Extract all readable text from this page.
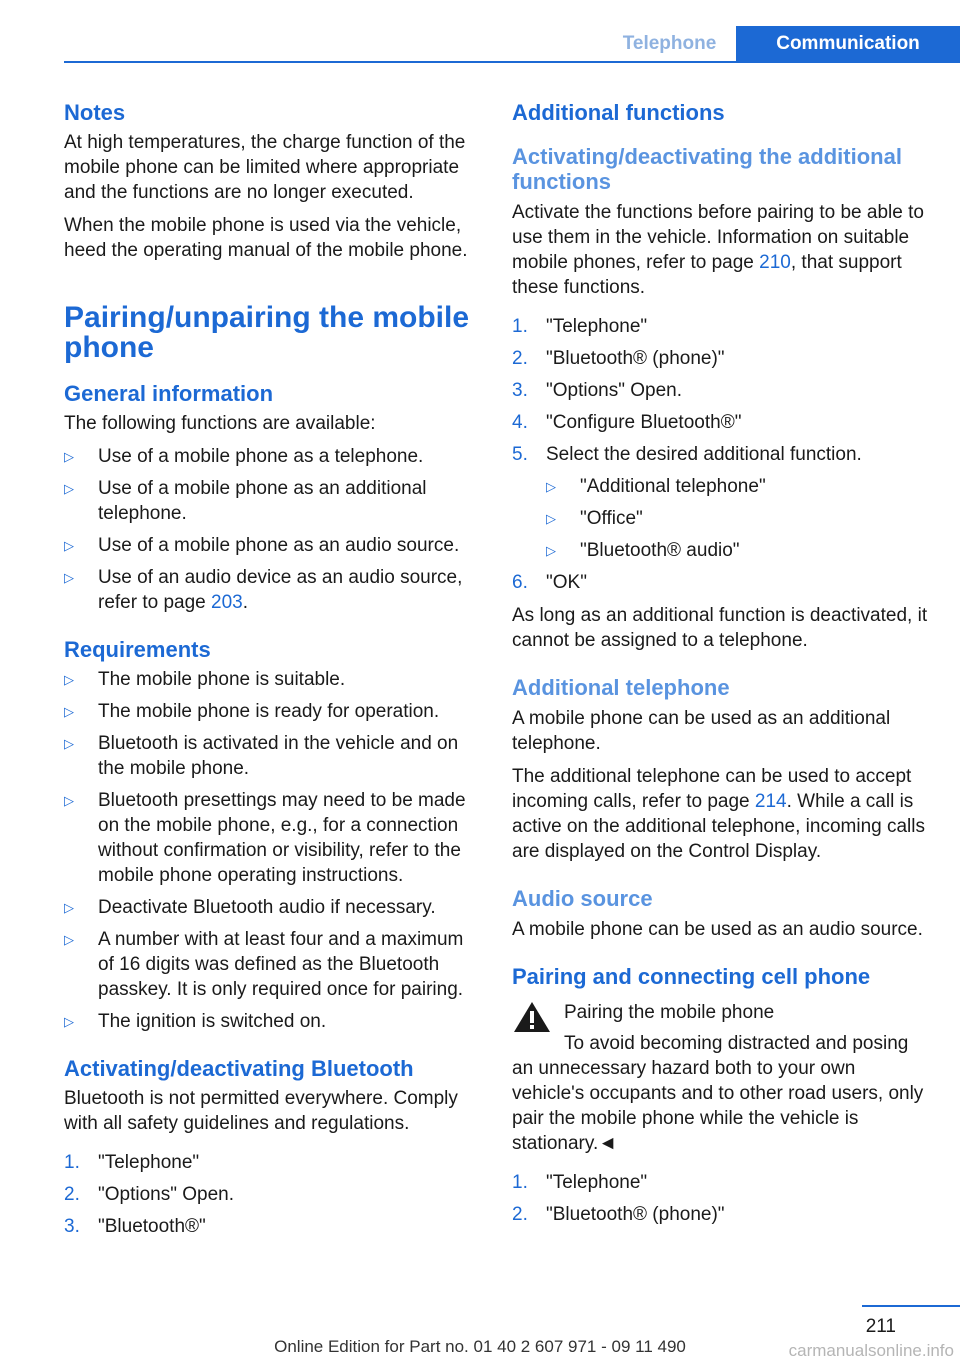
Telephone	Communication
Notes

At high temperatures, the charge function of the mobile phone can be limited where appropriate and the functions are no longer executed.

When the mobile phone is used via the vehicle, heed the operating manual of the mobile phone.

Pairing/unpairing the mobile phone
General information

The following functions are available:

▷ Use of a mobile phone as a telephone.
▷ Use of a mobile phone as an additional telephone.
▷ Use of a mobile phone as an audio source.
▷ Use of an audio device as an audio source, refer to page 203.
Requirements
▷ The mobile phone is suitable.
▷ The mobile phone is ready for operation.
▷ Bluetooth is activated in the vehicle and on the mobile phone.
▷ Bluetooth presettings may need to be made on the mobile phone, e.g., for a connection without confirmation or visibility, refer to the mobile phone operating instructions.
▷ Deactivate Bluetooth audio if necessary.
▷ A number with at least four and a maximum of 16 digits was defined as the Bluetooth passkey. It is only required once for pairing.
▷ The ignition is switched on.
Activating/deactivating Bluetooth

Bluetooth is not permitted everywhere. Comply with all safety guidelines and regulations.

1. "Telephone"
2. "Options" Open.
3. "Bluetooth®"
Additional functions
Activating/deactivating the additional functions

Activate the functions before pairing to be able to use them in the vehicle. Information on suitable mobile phones, refer to page 210, that support these functions.

1. "Telephone"
2. "Bluetooth® (phone)"
3. "Options" Open.
4. "Configure Bluetooth®"
5. Select the desired additional function.
▷ "Additional telephone"
▷ "Office"
▷ "Bluetooth® audio"
6. "OK"

As long as an additional function is deactivated, it cannot be assigned to a telephone.

Additional telephone

A mobile phone can be used as an additional telephone.

The additional telephone can be used to accept incoming calls, refer to page 214. While a call is active on the additional telephone, incoming calls are displayed on the Control Display.

Audio source

A mobile phone can be used as an audio source.

Pairing and connecting cell phone

Pairing the mobile phone

To avoid becoming distracted and posing an unnecessary hazard both to your own vehicle's occupants and to other road users, only pair the mobile phone while the vehicle is stationary.◄

1. "Telephone"
2. "Bluetooth® (phone)"
211
Online Edition for Part no. 01 40 2 607 971 - 09 11 490	carmanualsonline.info
